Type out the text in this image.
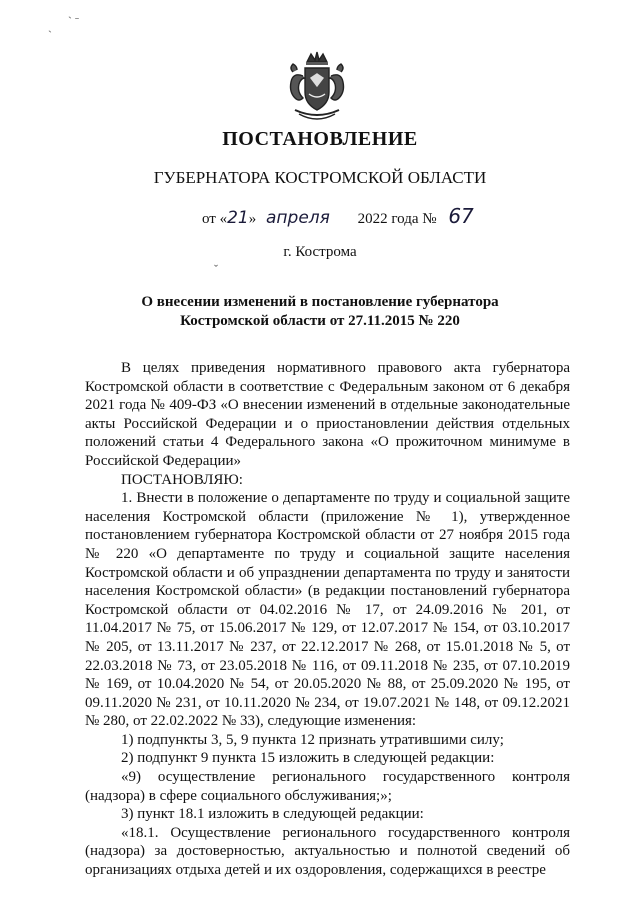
ˋ ˉ
ˋ
ПОСТАНОВЛЕНИЕ
ГУБЕРНАТОРА КОСТРОМСКОЙ ОБЛАСТИ
от «21» апреля 2022 года № 67
ˇ
г. Кострома
О внесении изменений в постановление губернатора
Костромской области от 27.11.2015 № 220

В целях приведения нормативного правового акта губернатора Костромской области в соответствие с Федеральным законом от 6 декабря 2021 года № 409-ФЗ «О внесении изменений в отдельные законодательные акты Российской Федерации и о приостановлении действия отдельных положений статьи 4 Федерального закона «О прожиточном минимуме в Российской Федерации»

ПОСТАНОВЛЯЮ:

1. Внести в положение о департаменте по труду и социальной защите населения Костромской области (приложение № 1), утвержденное постановлением губернатора Костромской области от 27 ноября 2015 года № 220 «О департаменте по труду и социальной защите населения Костромской области и об упразднении департамента по труду и занятости населения Костромской области» (в редакции постановлений губернатора Костромской области от 04.02.2016 № 17, от 24.09.2016 № 201, от 11.04.2017 № 75, от 15.06.2017 № 129, от 12.07.2017 № 154, от 03.10.2017 № 205, от 13.11.2017 № 237, от 22.12.2017 № 268, от 15.01.2018 № 5, от 22.03.2018 № 73, от 23.05.2018 № 116, от 09.11.2018 № 235, от 07.10.2019 № 169, от 10.04.2020 № 54, от 20.05.2020 № 88, от 25.09.2020 № 195, от 09.11.2020 № 231, от 10.11.2020 № 234, от 19.07.2021 № 148, от 09.12.2021 № 280, от 22.02.2022 № 33), следующие изменения:

1) подпункты 3, 5, 9 пункта 12 признать утратившими силу;

2) подпункт 9 пункта 15 изложить в следующей редакции:

«9) осуществление регионального государственного контроля (надзора) в сфере социального обслуживания;»;

3) пункт 18.1 изложить в следующей редакции:

«18.1. Осуществление регионального государственного контроля (надзора) за достоверностью, актуальностью и полнотой сведений об организациях отдыха детей и их оздоровления, содержащихся в реестре
